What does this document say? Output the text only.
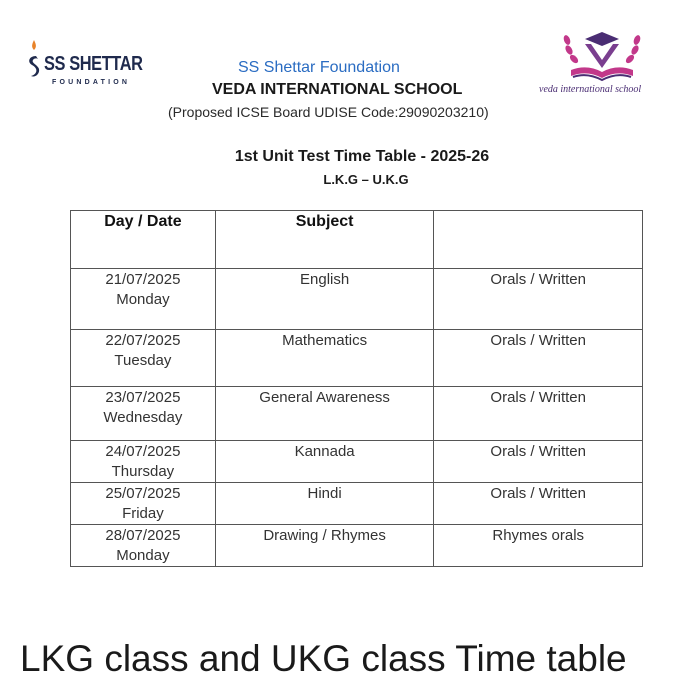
SS SHETTAR
FOUNDATION
SS Shettar Foundation
VEDA INTERNATIONAL SCHOOL
(Proposed ICSE Board UDISE Code:29090203210)
veda international school
1st Unit Test Time Table - 2025-26
L.K.G – U.K.G
Day / Date	Subject	

21/07/2025
Monday	English	Orals / Written

22/07/2025
Tuesday	Mathematics	Orals / Written

23/07/2025
Wednesday	General Awareness	Orals / Written

24/07/2025
Thursday	Kannada	Orals / Written

25/07/2025
Friday	Hindi	Orals / Written

28/07/2025
Monday	Drawing / Rhymes	Rhymes orals
LKG class and UKG class Time table
